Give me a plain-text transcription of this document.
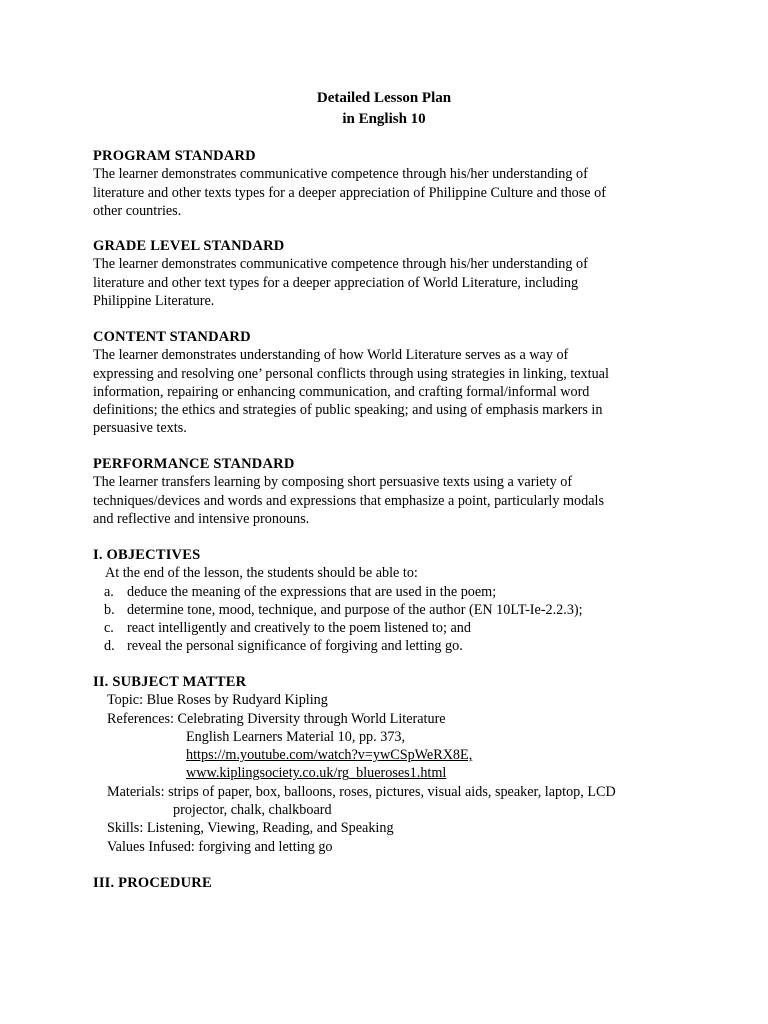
Detailed Lesson Plan
in English 10
PROGRAM STANDARD
The learner demonstrates communicative competence through his/her understanding of
literature and other texts types for a deeper appreciation of Philippine Culture and those of
other countries.
GRADE LEVEL STANDARD
The learner demonstrates communicative competence through his/her understanding of
literature and other text types for a deeper appreciation of World Literature, including
Philippine Literature.
CONTENT STANDARD
The learner demonstrates understanding of how World Literature serves as a way of
expressing and resolving one’ personal conflicts through using strategies in linking, textual
information, repairing or enhancing communication, and crafting formal/informal word
definitions; the ethics and strategies of public speaking; and using of emphasis markers in
persuasive texts.
PERFORMANCE STANDARD
The learner transfers learning by composing short persuasive texts using a variety of
techniques/devices and words and expressions that emphasize a point, particularly modals
and reflective and intensive pronouns.
I. OBJECTIVES
At the end of the lesson, the students should be able to:
a. deduce the meaning of the expressions that are used in the poem;
b. determine tone, mood, technique, and purpose of the author (EN 10LT-Ie-2.2.3);
c. react intelligently and creatively to the poem listened to; and
d. reveal the personal significance of forgiving and letting go.
II. SUBJECT MATTER
Topic: Blue Roses by Rudyard Kipling
References: Celebrating Diversity through World Literature
English Learners Material 10, pp. 373,
https://m.youtube.com/watch?v=ywCSpWeRX8E,
www.kiplingsociety.co.uk/rg_blueroses1.html
Materials: strips of paper, box, balloons, roses, pictures, visual aids, speaker, laptop, LCD
projector, chalk, chalkboard
Skills: Listening, Viewing, Reading, and Speaking
Values Infused: forgiving and letting go
III. PROCEDURE
